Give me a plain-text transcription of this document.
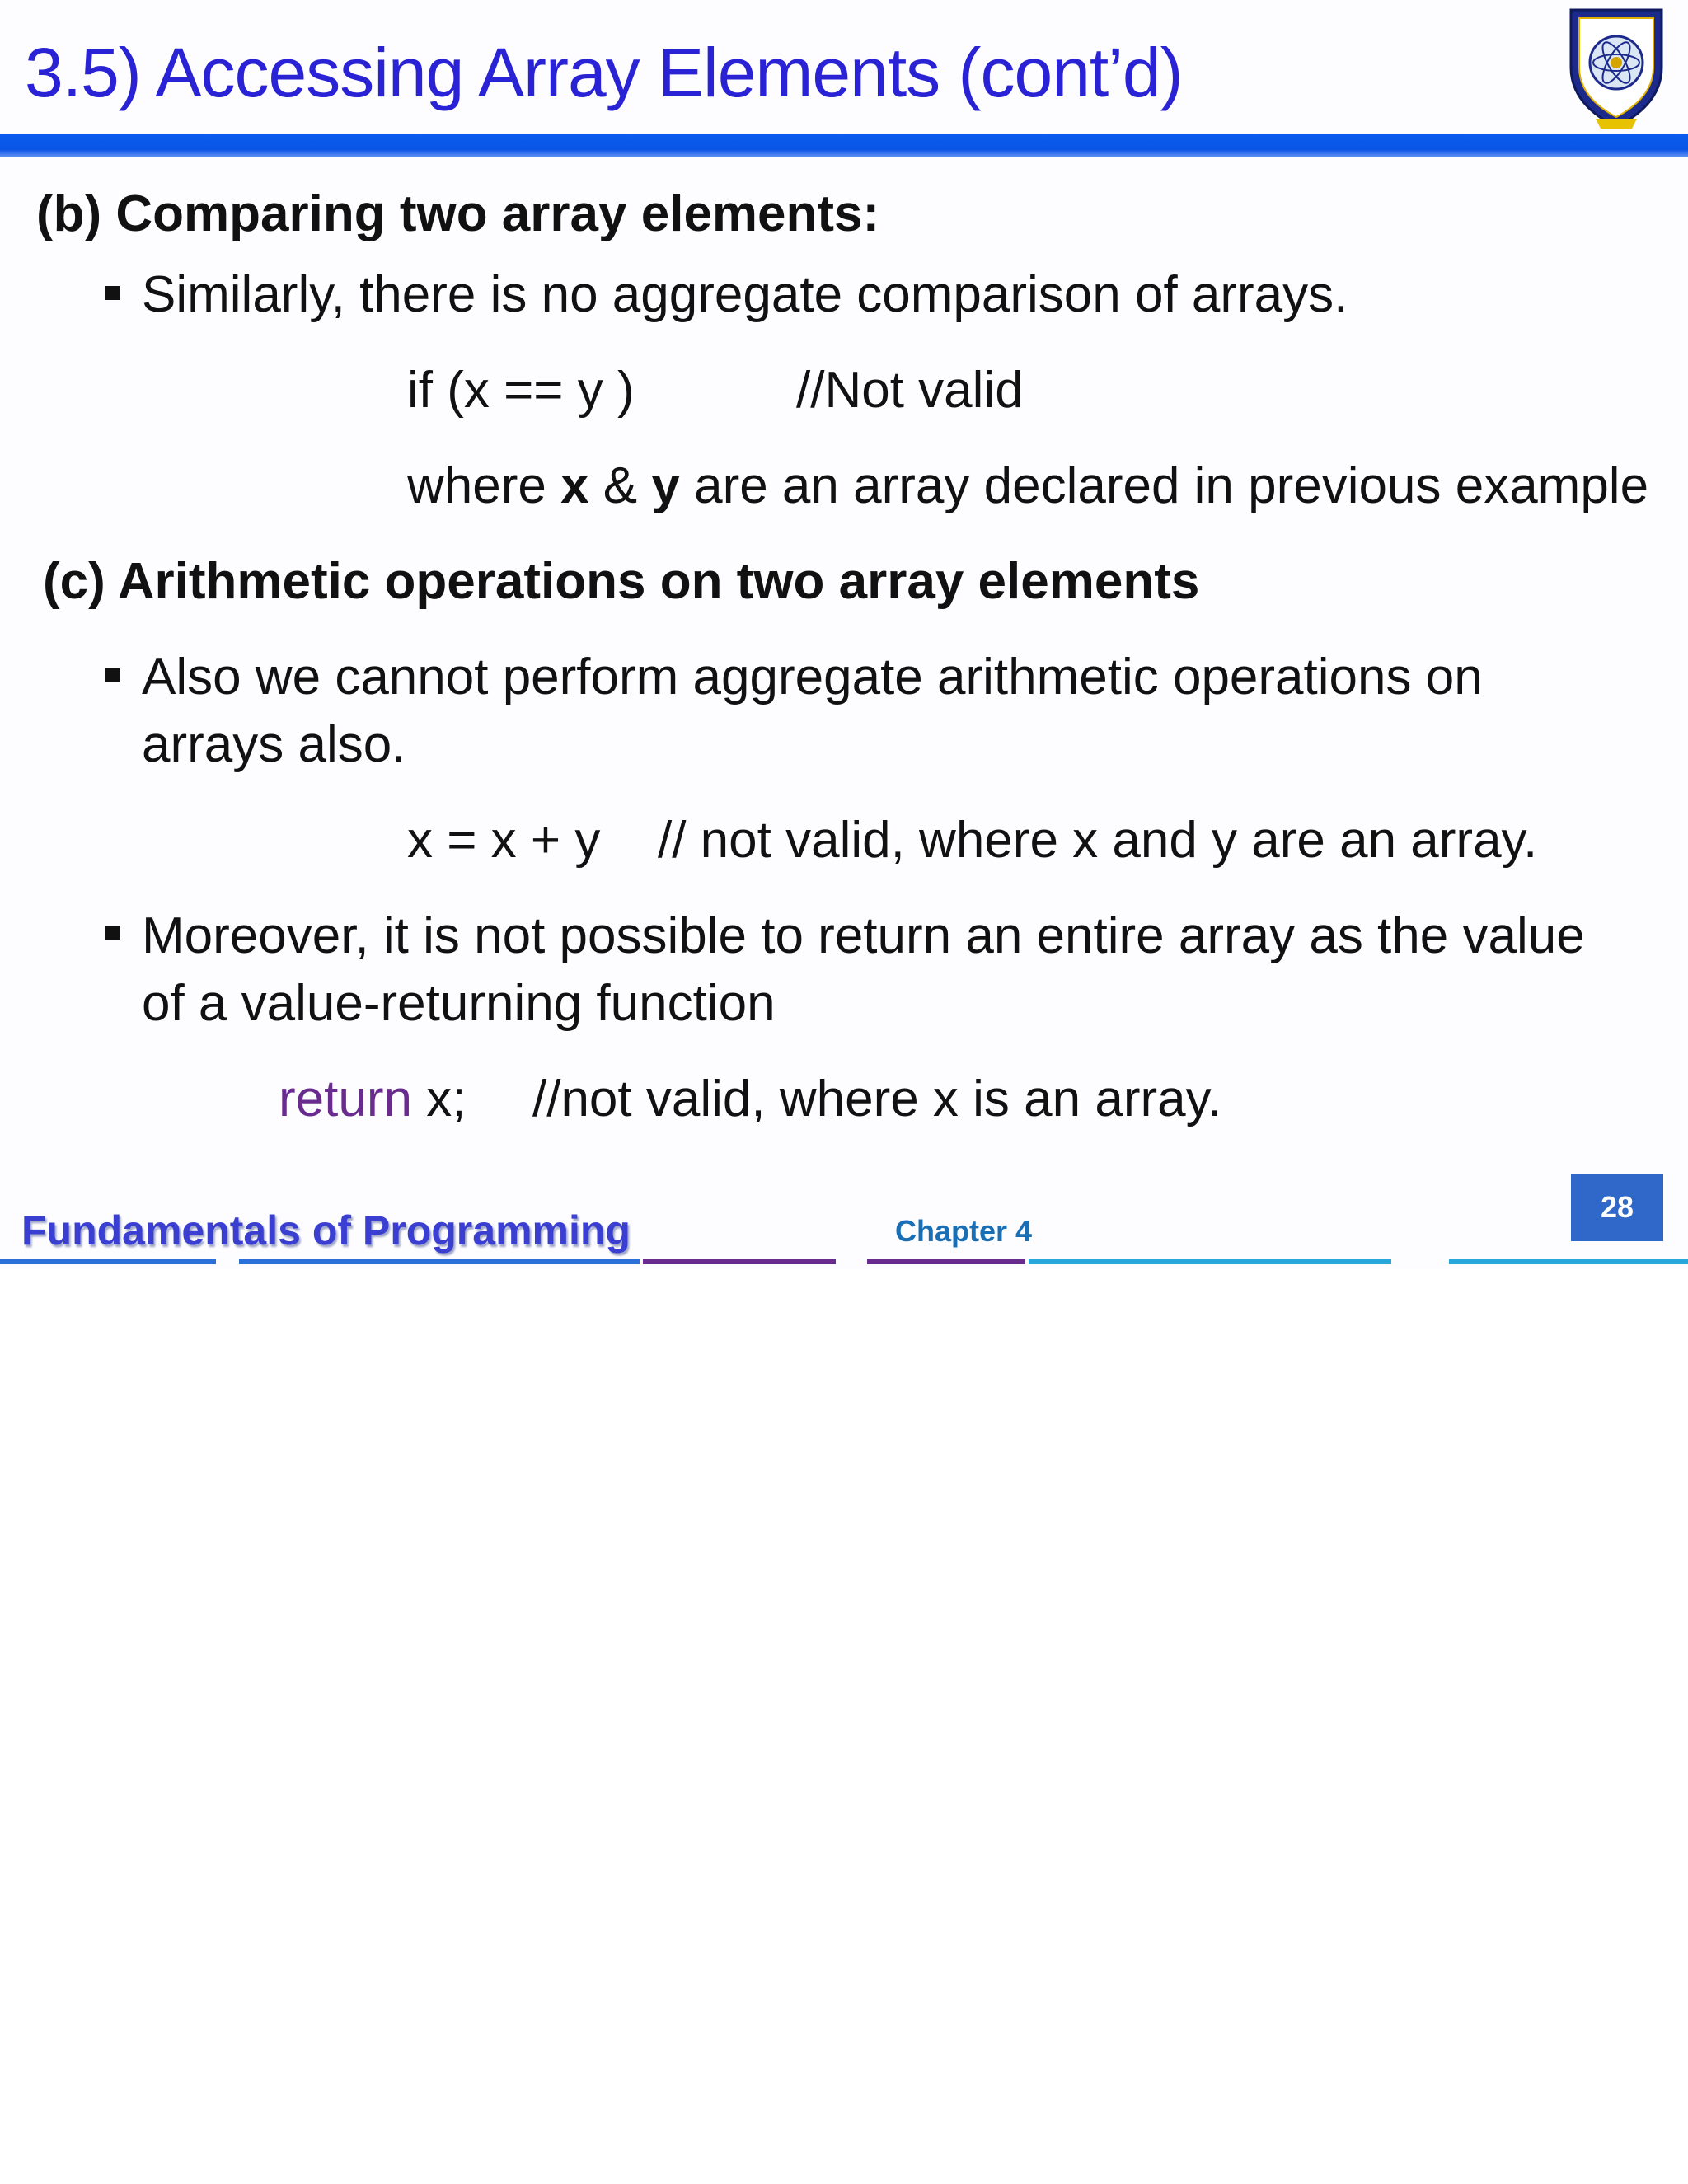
3.5) Accessing Array Elements (cont’d)
(b) Comparing two array elements:
Similarly, there is no aggregate comparison of arrays.
if (x == y )	//Not valid
where x & y are an array declared in previous example
(c) Arithmetic operations on two array elements
Also we cannot perform aggregate arithmetic operations on
arrays also.
x = x + y // not valid, where x and y are an array.
Moreover, it is not possible to return an entire array as the value
of a value-returning function
return x; //not valid, where x is an array.
28
Fundamentals of Programming	Chapter 4
